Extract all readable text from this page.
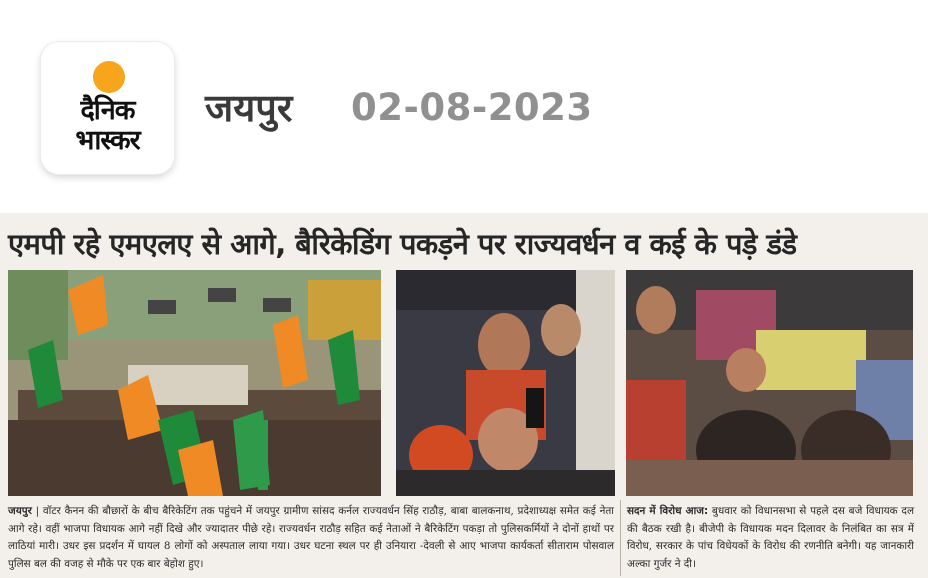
दैनिक
भास्कर
जयपुर 02-08-2023
एमपी रहे एमएलए से आगे, बैरिकेडिंग पकड़ने पर राज्यवर्धन व कई के पड़े डंडे

जयपुर | वॉटर कैनन की बौछारों के बीच बैरिकेटिंग तक पहुंचने में जयपुर ग्रामीण सांसद कर्नल राज्यवर्धन सिंह राठौड़, बाबा बालकनाथ, प्रदेशाध्यक्ष समेत कई नेता आगे रहे। वहीं भाजपा विधायक आगे नहीं दिखे और ज्यादातर पीछे रहे। राज्यवर्धन राठौड़ सहित कई नेताओं ने बैरिकेटिंग पकड़ा तो पुलिसकर्मियों ने दोनों हाथों पर लाठियां मारी। उधर इस प्रदर्शन में घायल 8 लोगों को अस्पताल लाया गया। उधर घटना स्थल पर ही उनियारा -देवली से आए भाजपा कार्यकर्ता सीताराम पोसवाल पुलिस बल की वजह से मौके पर एक बार बेहोश हुए।

सदन में विरोध आज: बुधवार को विधानसभा से पहले दस बजे विधायक दल की बैठक रखी है। बीजेपी के विधायक मदन दिलावर के निलंबित का सत्र में विरोध, सरकार के पांच विधेयकों के विरोध की रणनीति बनेगी। यह जानकारी अल्का गुर्जर ने दी।
